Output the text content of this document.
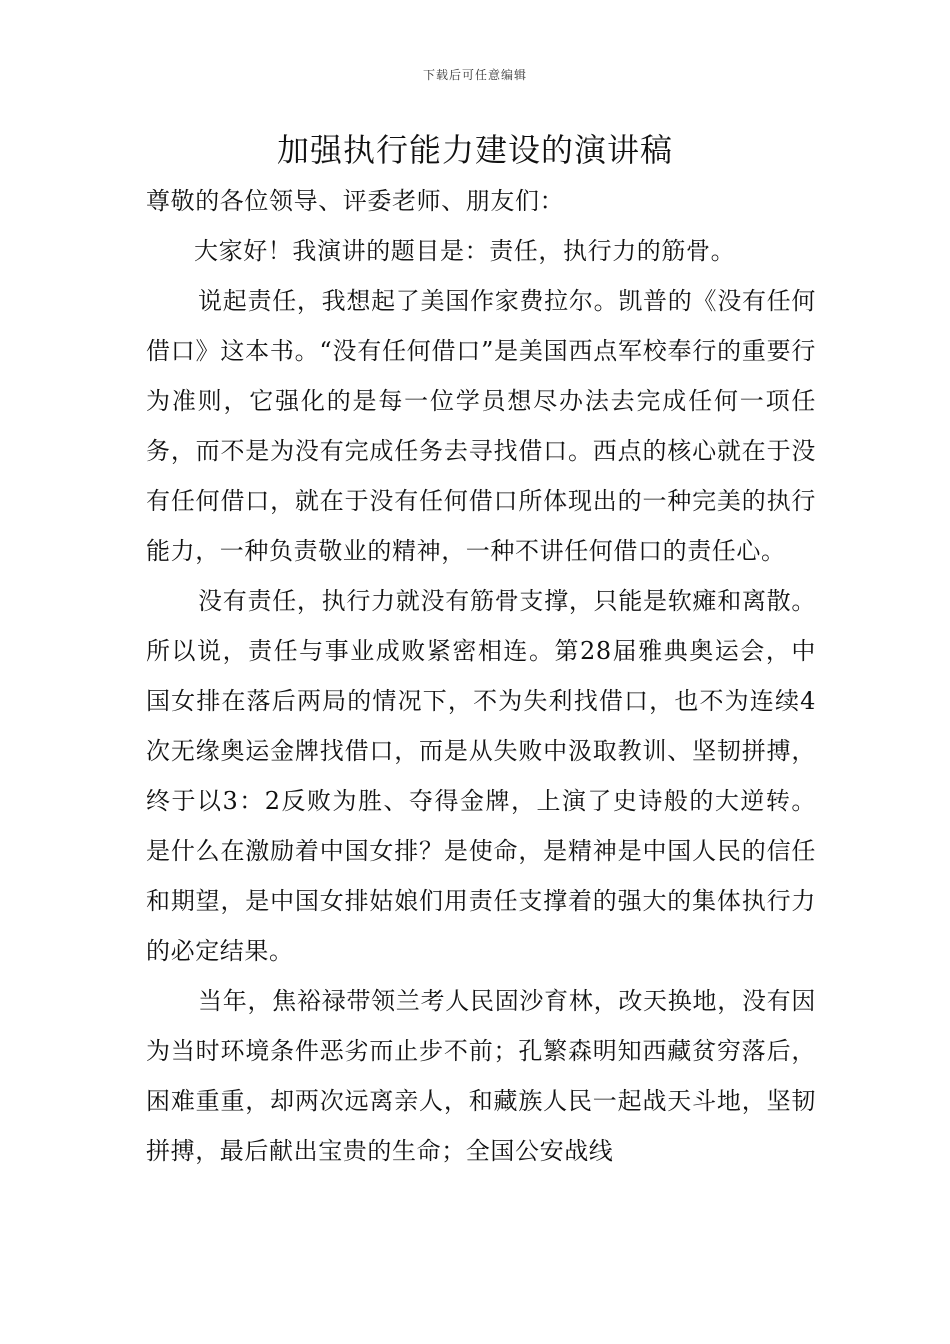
下载后可任意编辑
加强执行能力建设的演讲稿

尊敬的各位领导、评委老师、朋友们：

大家好！我演讲的题目是：责任，执行力的筋骨。

说起责任，我想起了美国作家费拉尔。凯普的《没有任何借口》这本书。“没有任何借口”是美国西点军校奉行的重要行为准则，它强化的是每一位学员想尽办法去完成任何一项任务，而不是为没有完成任务去寻找借口。西点的核心就在于没有任何借口，就在于没有任何借口所体现出的一种完美的执行能力，一种负责敬业的精神，一种不讲任何借口的责任心。

没有责任，执行力就没有筋骨支撑，只能是软瘫和离散。所以说，责任与事业成败紧密相连。第28届雅典奥运会，中国女排在落后两局的情况下，不为失利找借口，也不为连续4次无缘奥运金牌找借口，而是从失败中汲取教训、坚韧拼搏，终于以3：2反败为胜、夺得金牌，上演了史诗般的大逆转。是什么在激励着中国女排？是使命，是精神是中国人民的信任和期望，是中国女排姑娘们用责任支撑着的强大的集体执行力的必定结果。

当年，焦裕禄带领兰考人民固沙育林，改天换地，没有因为当时环境条件恶劣而止步不前；孔繁森明知西藏贫穷落后，困难重重，却两次远离亲人，和藏族人民一起战天斗地，坚韧拼搏，最后献出宝贵的生命；全国公安战线
